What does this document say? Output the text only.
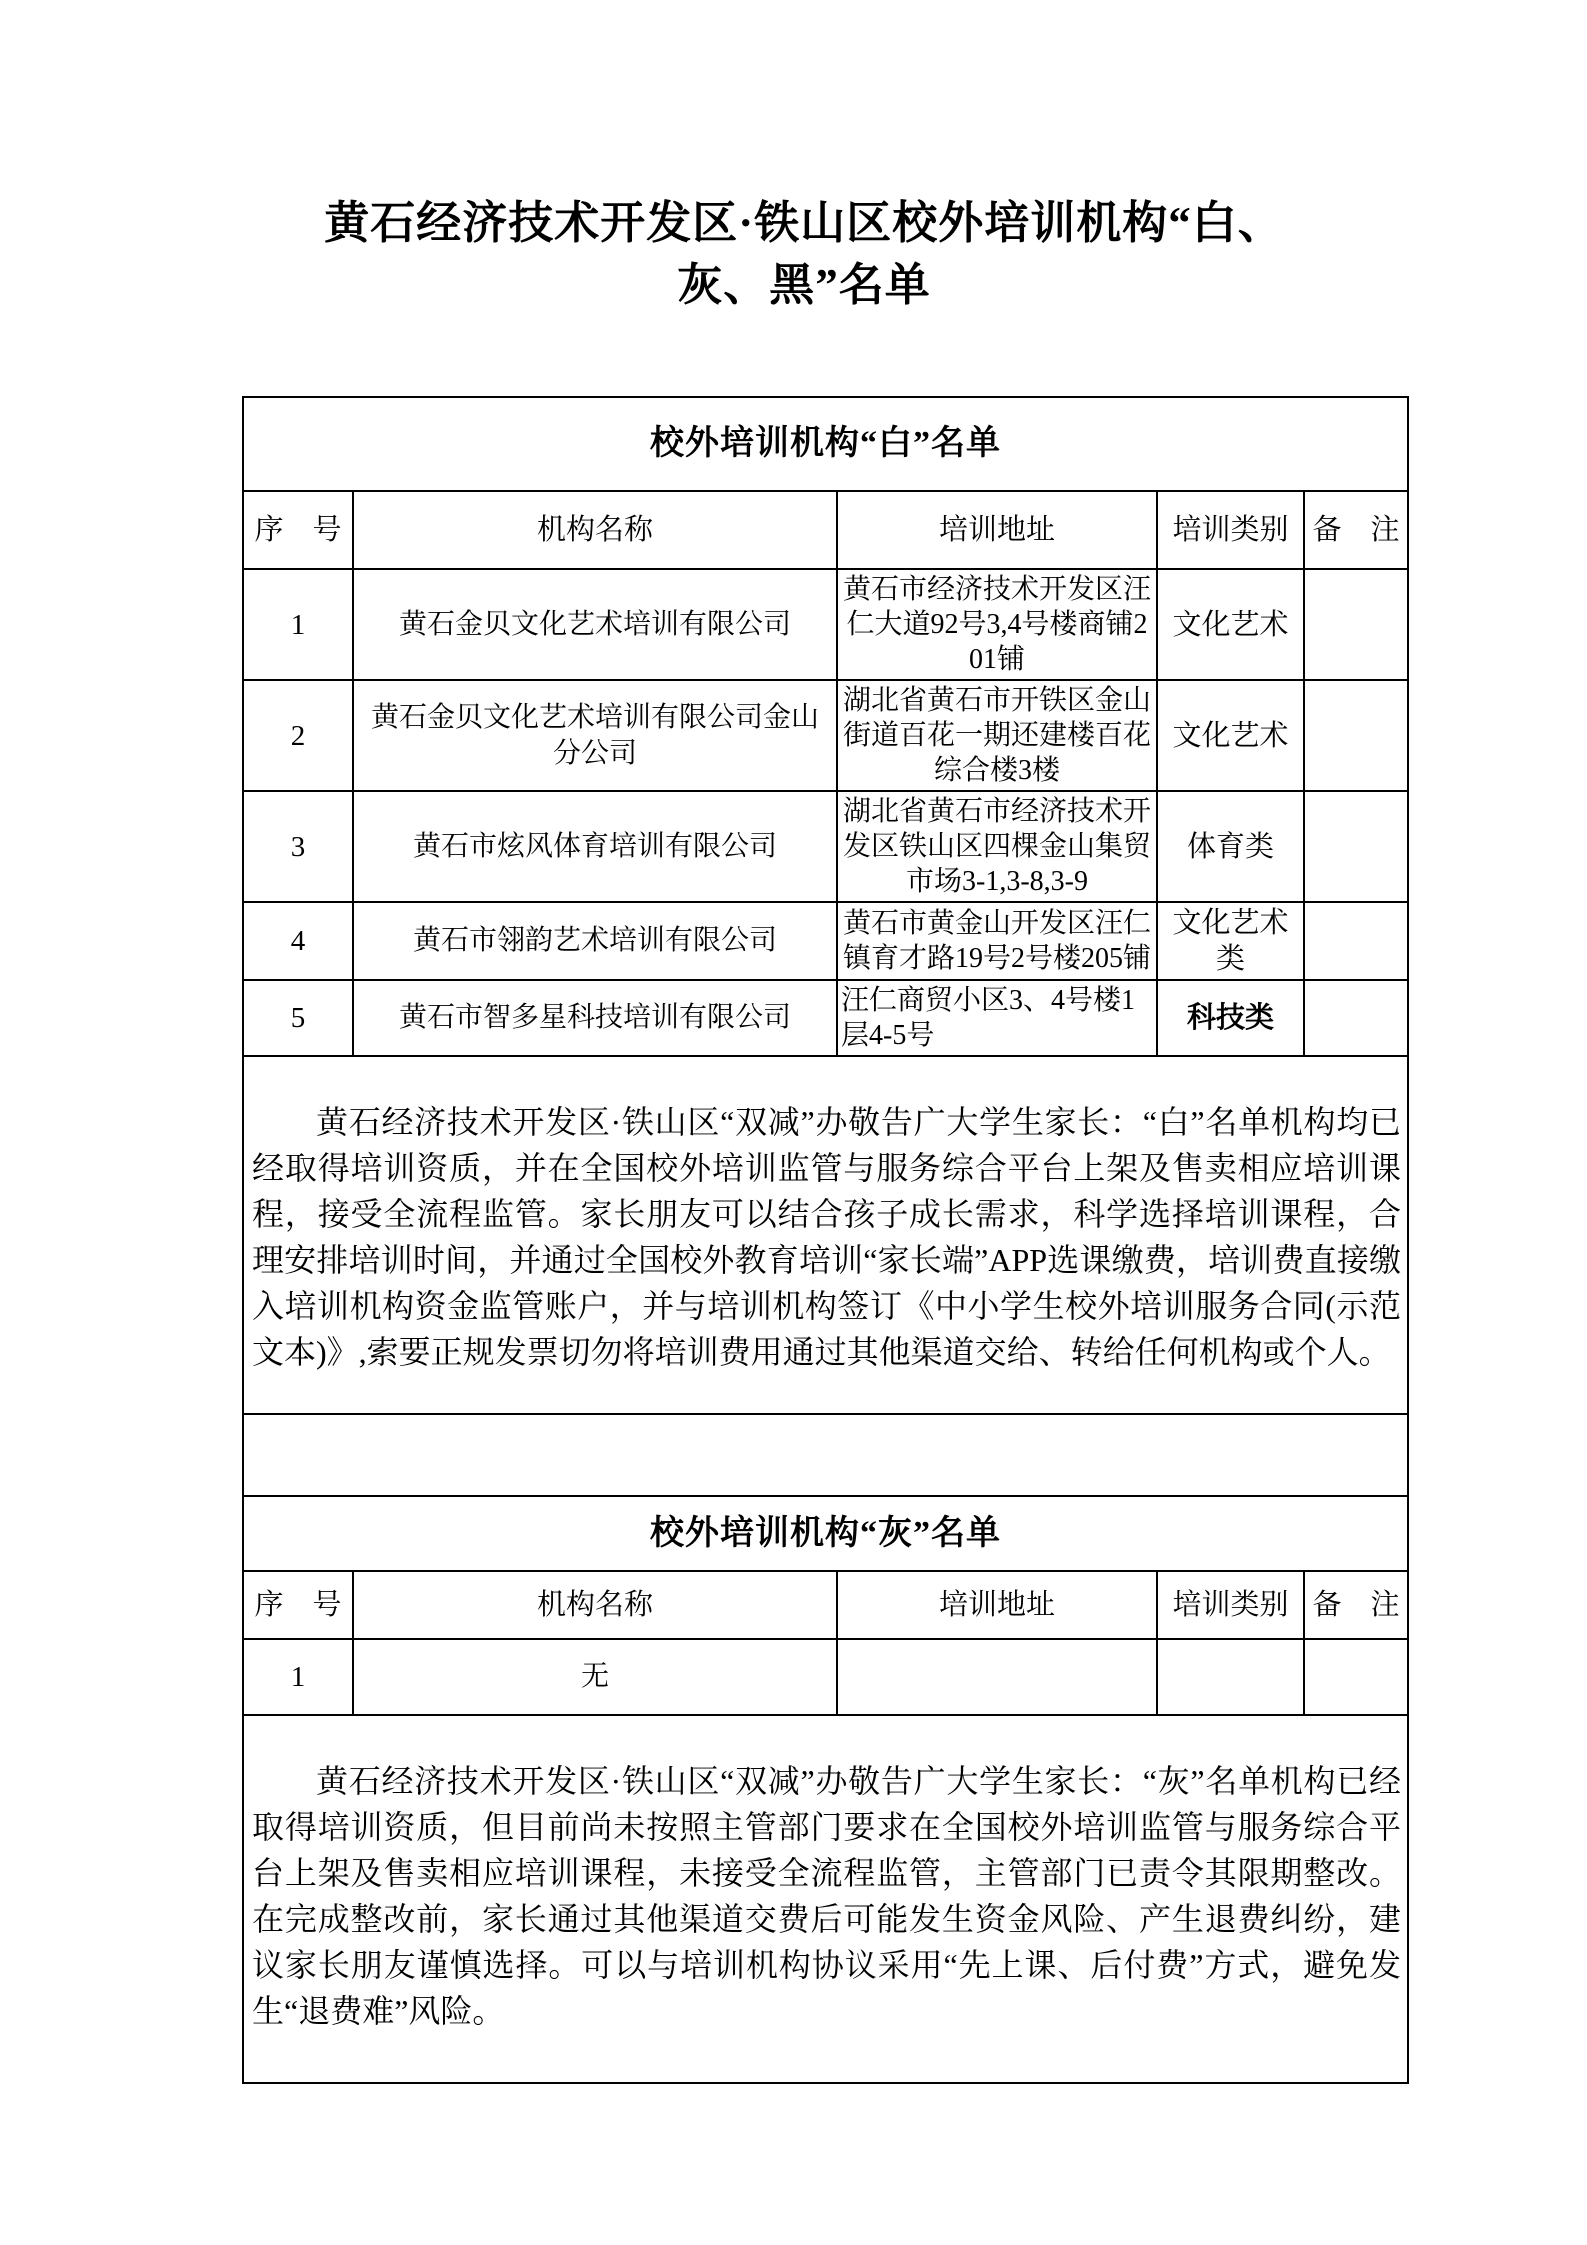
黄石经济技术开发区·铁山区校外培训机构“白、
灰、黑”名单
校外培训机构“白”名单				
序　号	机构名称	培训地址	培训类别	备　注
1	黄石金贝文化艺术培训有限公司	黄石市经济技术开发区汪仁大道92号3,4号楼商铺201铺	文化艺术	
2	黄石金贝文化艺术培训有限公司金山分公司	湖北省黄石市开铁区金山街道百花一期还建楼百花综合楼3楼	文化艺术	
3	黄石市炫风体育培训有限公司	湖北省黄石市经济技术开发区铁山区四棵金山集贸市场3-1,3-8,3-9	体育类	
4	黄石市翎韵艺术培训有限公司	黄石市黄金山开发区汪仁镇育才路19号2号楼205铺	文化艺术类	
5	黄石市智多星科技培训有限公司	汪仁商贸小区3、4号楼1层4-5号	科技类	
黄石经济技术开发区·铁山区“双减”办敬告广大学生家长：“白”名单机构均已经取得培训资质，并在全国校外培训监管与服务综合平台上架及售卖相应培训课程，接受全流程监管。家长朋友可以结合孩子成长需求，科学选择培训课程，合理安排培训时间，并通过全国校外教育培训“家长端”APP选课缴费，培训费直接缴入培训机构资金监管账户，并与培训机构签订《中小学生校外培训服务合同(示范文本)》,索要正规发票切勿将培训费用通过其他渠道交给、转给任何机构或个人。				

校外培训机构“灰”名单				
序　号	机构名称	培训地址	培训类别	备　注
1	无			
黄石经济技术开发区·铁山区“双减”办敬告广大学生家长：“灰”名单机构已经取得培训资质，但目前尚未按照主管部门要求在全国校外培训监管与服务综合平台上架及售卖相应培训课程，未接受全流程监管，主管部门已责令其限期整改。在完成整改前，家长通过其他渠道交费后可能发生资金风险、产生退费纠纷，建议家长朋友谨慎选择。可以与培训机构协议采用“先上课、后付费”方式，避免发生“退费难”风险。				
